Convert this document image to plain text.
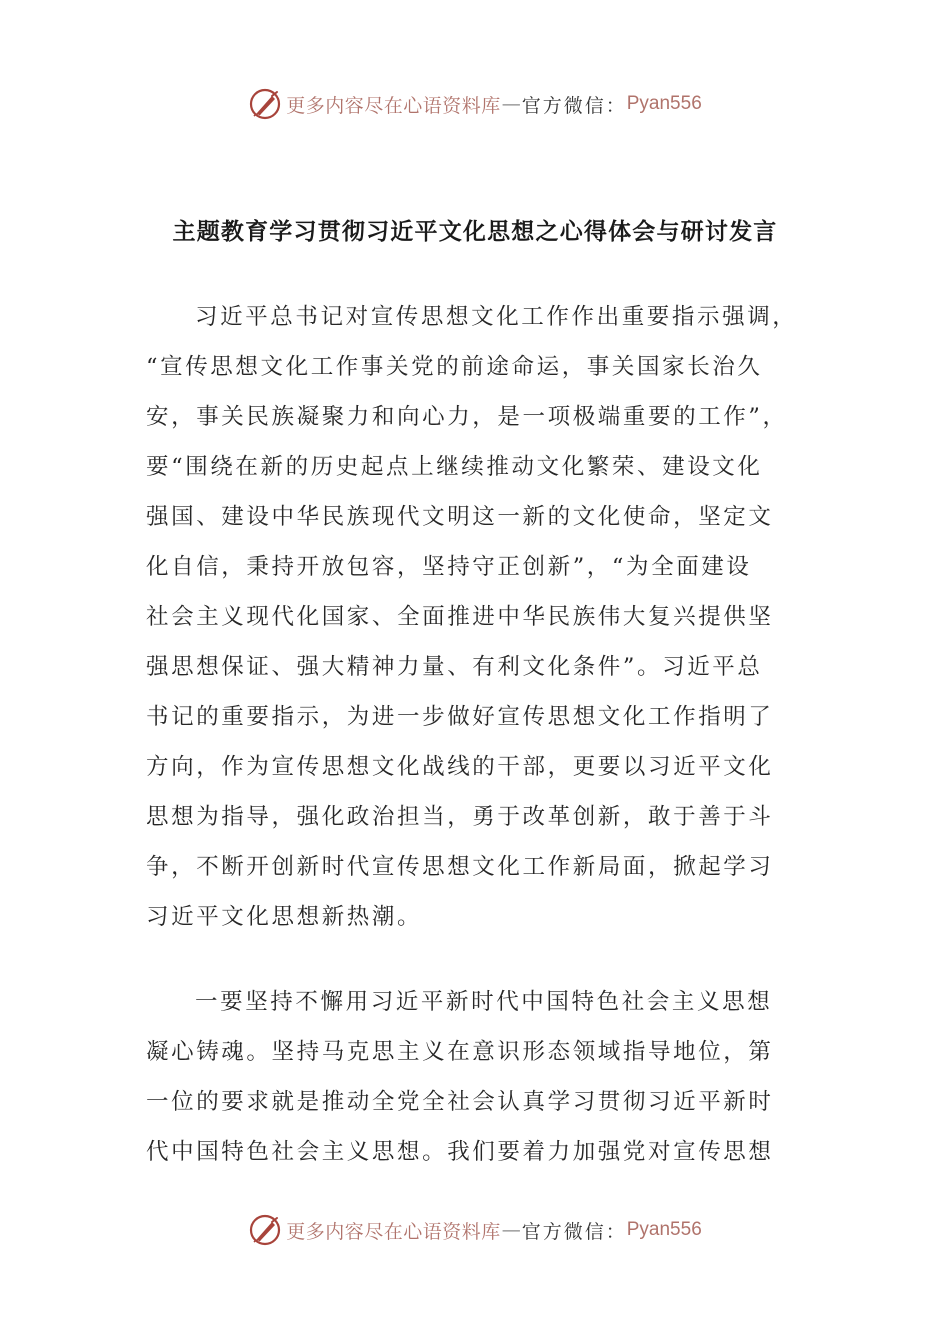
更多内容尽在心语资料库 — 官方微信： Pyan556
主题教育学习贯彻习近平文化思想之心得体会与研讨发言
习近平总书记对宣传思想文化工作作出重要指示强调，
“宣传思想文化工作事关党的前途命运，事关国家长治久
安，事关民族凝聚力和向心力，是一项极端重要的工作”，
要“围绕在新的历史起点上继续推动文化繁荣、建设文化
强国、建设中华民族现代文明这一新的文化使命，坚定文
化自信，秉持开放包容，坚持守正创新”，“为全面建设
社会主义现代化国家、全面推进中华民族伟大复兴提供坚
强思想保证、强大精神力量、有利文化条件”。习近平总
书记的重要指示，为进一步做好宣传思想文化工作指明了
方向，作为宣传思想文化战线的干部，更要以习近平文化
思想为指导，强化政治担当，勇于改革创新，敢于善于斗
争，不断开创新时代宣传思想文化工作新局面，掀起学习
习近平文化思想新热潮。
一要坚持不懈用习近平新时代中国特色社会主义思想
凝心铸魂。坚持马克思主义在意识形态领域指导地位，第
一位的要求就是推动全党全社会认真学习贯彻习近平新时
代中国特色社会主义思想。我们要着力加强党对宣传思想
更多内容尽在心语资料库 — 官方微信： Pyan556
